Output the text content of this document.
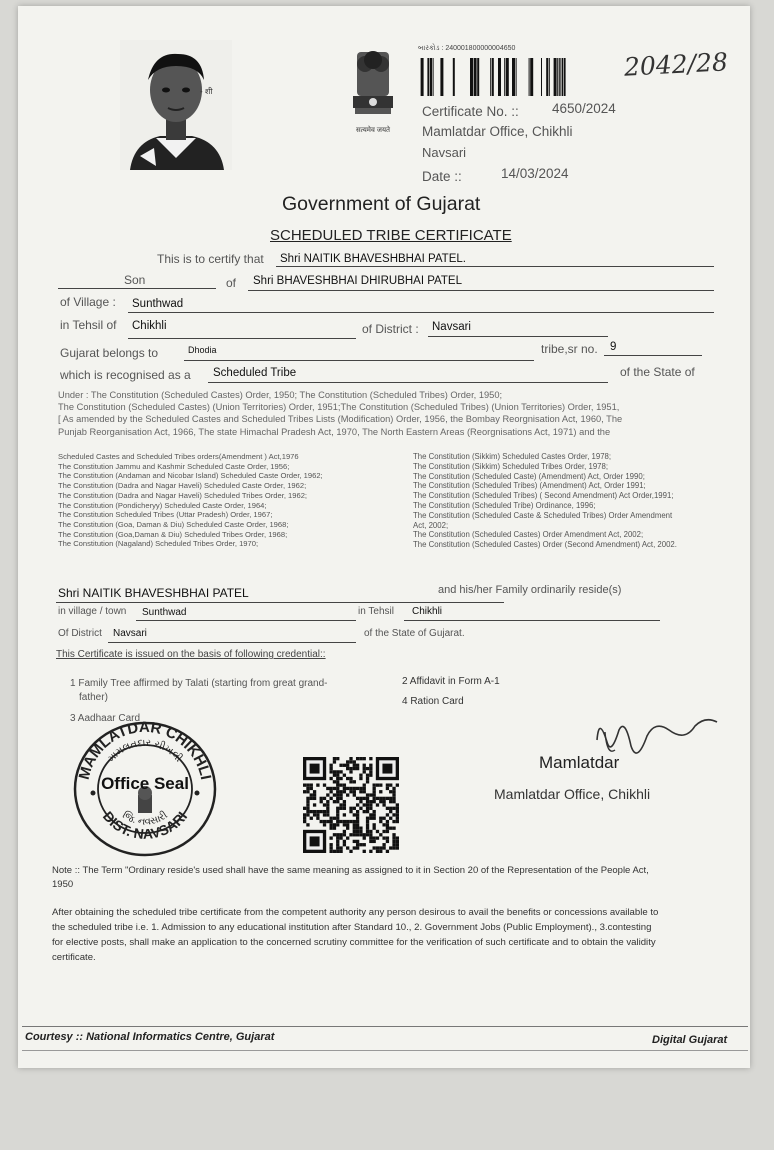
- शी
सत्यमेव जयते
બારકોડ : 240001800000004650	2042/28
Certificate No. :: 4650/2024
Mamlatdar Office, Chikhli
Navsari
Date ::	14/03/2024
Government of Gujarat
SCHEDULED TRIBE CERTIFICATE
This is to certify that Shri NAITIK BHAVESHBHAI PATEL.
Son	of Shri BHAVESHBHAI DHIRUBHAI PATEL
of Village : Sunthwad
in Tehsil of Chikhli	of District : Navsari
Gujarat belongs to	Dhodia	tribe,sr no. 9
which is recognised as a Scheduled Tribe	of the State of
Under : The Constitution (Scheduled Castes) Order, 1950; The Constitution (Scheduled Tribes) Order, 1950;
The Constitution (Scheduled Castes) (Union Territories) Order, 1951;The Constitution (Scheduled Tribes) (Union Territories) Order, 1951,
[ As amended by the Scheduled Castes and Scheduled Tribes Lists (Modification) Order, 1956, the Bombay Reorgnisation Act, 1960, The
Punjab Reorganisation Act, 1966, The state Himachal Pradesh Act, 1970, The North Eastern Areas (Reorgnisations Act, 1971) and the
Scheduled Castes and Scheduled Tribes orders(Amendment ) Act,1976
The Constitution Jammu and Kashmir Scheduled Caste Order, 1956;
The Constitution (Andaman and Nicobar Island) Scheduled Caste Order, 1962;
The Constitution (Dadra and Nagar Haveli) Scheduled Caste Order, 1962;
The Constitution (Dadra and Nagar Haveli) Scheduled Tribes Order, 1962;
The Constitution (Pondicheryy) Scheduled Caste Order, 1964;
The Constitution Scheduled Tribes (Uttar Pradesh) Order, 1967;
The Constitution (Goa, Daman & Diu) Scheduled Caste Order, 1968;
The Constitution (Goa,Daman & Diu) Scheduled Tribes Order, 1968;
The Constitution (Nagaland) Scheduled Tribes Order, 1970;
The Constitution (Sikkim) Scheduled Castes Order, 1978;
The Constitution (Sikkim) Scheduled Tribes Order, 1978;
The Constitution (Scheduled Caste) (Amendment) Act, Order 1990;
The Constitution (Scheduled Tribes) (Amendment) Act, Order 1991;
The Constitution (Scheduled Tribes) ( Second Amendment) Act Order,1991;
The Constitution (Scheduled Tribe) Ordinance, 1996;
The Constitution (Scheduled Caste & Scheduled Tribes) Order Amendment
Act, 2002;
The Constitution (Scheduled Castes) Order Amendment Act, 2002;
The Constitution (Scheduled Castes) Order (Second Amendment) Act, 2002.
Shri NAITIK BHAVESHBHAI PATEL	and his/her Family ordinarily reside(s)
in village / town Sunthwad	in Tehsil Chikhli
Of District Navsari	of the State of Gujarat.
This Certificate is issued on the basis of following credential::
1 Family Tree affirmed by Talati (starting from great grand-
father)
2 Affidavit in Form A-1
4 Ration Card
3 Aadhaar Card
MAMLATDAR CHIKHLI
DIST. NAVSARI
મામલતદાર ચીખલી
જિ. નવસારી
Office Seal
Mamlatdar
Mamlatdar Office, Chikhli
Note :: The Term "Ordinary reside's used shall have the same meaning as assigned to it in Section 20 of the Representation of the People Act,
1950
After obtaining the scheduled tribe certificate from the competent authority any person desirous to avail the benefits or concessions available to
the scheduled tribe i.e. 1. Admission to any educational institution after Standard 10., 2. Government Jobs (Public Employment)., 3.contesting
for elective posts, shall make an application to the concerned scrutiny committee for the verification of such certificate and to obtain the validity
certificate.
Courtesy :: National Informatics Centre, Gujarat	Digital Gujarat
